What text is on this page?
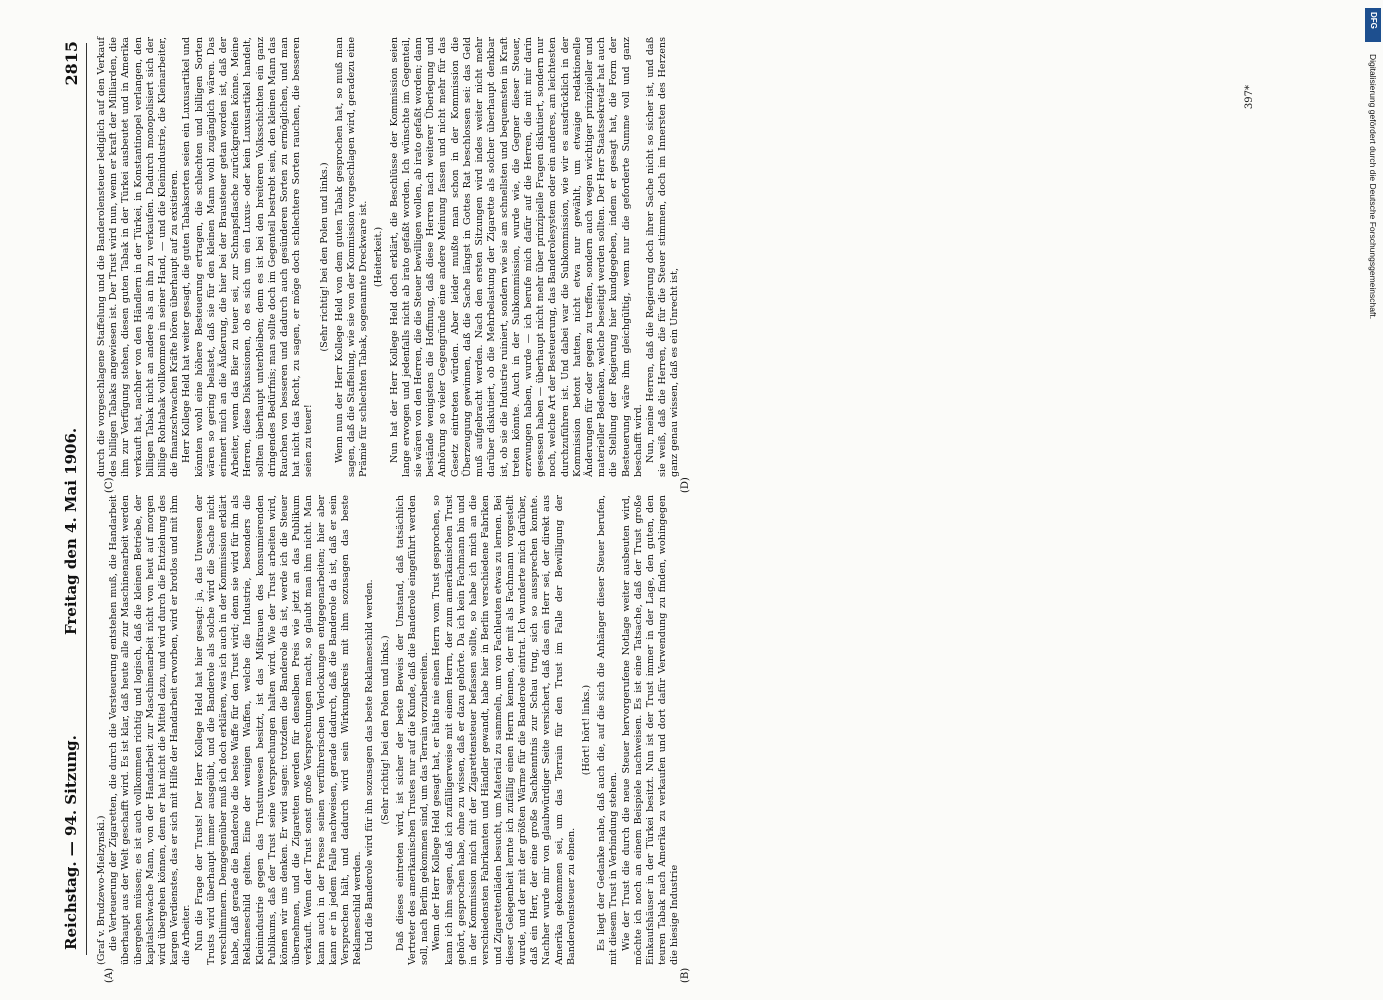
Reichstag. — 94. Sitzung.
Freitag den 4. Mai 1906.
2815
(A)	(B)
(C)	(D)

(Graf v. Brudzewo-Mielzynski.) die Verteuerung der Zigaretten, die durch die Versteuerung entstehen muß, die Handarbeit überhaupt aus der Welt geschafft wird. Es ist klar, daß heute alle zur Maschinenarbeit werden übergehen müssen; es ist auch vollkommen richtig und logisch, daß die kleinen Betriebe, der kapitalschwache Mann, von der Handarbeit zur Maschinenarbeit nicht von heut auf morgen wird übergehen können, denn er hat nicht die Mittel dazu, und wird durch die Entziehung des kargen Verdienstes, das er sich mit Hilfe der Handarbeit erworben, wird er brotlos und mit ihm die Arbeiter. Nun die Frage der Trusts! Der Herr Kollege Held hat hier gesagt: ja, das Unwesen der Trusts wird überhaupt immer ausgeübt, und die Banderole als solche wird die Sache nicht verschlimmern. Demgegenüber muß ich doch erklären, was ich auch in der Kommission erklärt habe, daß gerade die Banderole die beste Waffe für den Trust wird; denn sie wird für ihn als Reklameschild gelten. Eine der wenigen Waffen, welche die Industrie, besonders die Kleinindustrie gegen das Trustunwesen besitzt, ist das Mißtrauen des konsumierenden Publikums, daß der Trust seine Versprechungen halten wird. Wie der Trust arbeiten wird, können wir uns denken. Er wird sagen: trotzdem die Banderole da ist, werde ich die Steuer übernehmen, und die Zigaretten werden für denselben Preis wie jetzt an das Publikum verkauft. Wenn der Trust sonst große Versprechungen macht, so glaubt man ihm nicht. Man kann auch in der Presse seinen verführerischen Verlockungen entgegenarbeiten; hier aber kann er in jedem Falle nachweisen, gerade dadurch, daß die Banderole da ist, daß er sein Versprechen hält, und dadurch wird sein Wirkungskreis mit ihm sozusagen das beste Reklameschild werden. Und die Banderole wird für ihn sozusagen das beste Reklameschild werden. (Sehr richtig! bei den Polen und links.) Daß dieses eintreten wird, ist sicher der beste Beweis der Umstand, daß tatsächlich Vertreter des amerikanischen Trustes nur auf die Kunde, daß die Banderole eingeführt werden soll, nach Berlin gekommen sind, um das Terrain vorzubereiten. Wenn der Herr Kollege Held gesagt hat, er hätte nie einen Herrn vom Trust gesprochen, so kann ich ihm sagen, daß ich zufälligerweise mit einem Herrn, der zum amerikanischen Trust gehört, gesprochen habe, ohne zu wissen, daß er dazu gehörte. Da ich kein Fachmann bin und in der Kommission mich mit der Zigarettensteuer befassen sollte, so habe ich mich an die verschiedensten Fabrikanten und Händler gewandt, habe hier in Berlin verschiedene Fabriken und Zigarettenläden besucht, um Material zu sammeln, um von Fachleuten etwas zu lernen. Bei dieser Gelegenheit lernte ich zufällig einen Herrn kennen, der mit als Fachmann vorgestellt wurde, und der mit der größten Wärme für die Banderole eintrat. Ich wunderte mich darüber, daß ein Herr, der eine große Sachkenntnis zur Schau trug, sich so aussprechen konnte. Nachher wurde mir von glaubwürdiger Seite versichert, daß das ein Herr sei, der direkt aus Amerika gekommen sei, um das Terrain für den Trust im Falle der Bewilligung der Banderolensteuer zu ebnen.

(Hört! hört! links.) Es liegt der Gedanke nahe, daß auch die, auf die sich die Anhänger dieser Steuer berufen, mit diesem Trust in Verbindung stehen. Wie der Trust die durch die neue Steuer hervorgerufene Notlage weiter ausbeuten wird, möchte ich noch an einem Beispiele nachweisen. Es ist eine Tatsache, daß der Trust große Einkaufshäuser in der Türkei besitzt. Nun ist der Trust immer in der Lage, den guten, den teuren Tabak nach Amerika zu verkaufen und dort dafür Verwendung zu finden, wohingegen die hiesige Industrie

durch die vorgeschlagene Staffelung und die Banderolensteuer lediglich auf den Verkauf des billigen Tabaks angewiesen ist. Der Trust wird nun, wenn er kraft der Milliarden, die ihm zur Verfügung stehen, diesen guten Tabak in der Türkei ausbeutet und in Amerika verkauft hat, nachher von den Händlern in der Türkei, in Konstantinopel verlangen, den billigen Tabak nicht an andere als an ihn zu verkaufen. Dadurch monopolisiert sich der billige Rohtabak vollkommen in seiner Hand, — und die Kleinindustrie, die Kleinarbeiter, die finanzschwachen Kräfte hören überhaupt auf zu existieren. Herr Kollege Held hat weiter gesagt, die guten Tabaksorten seien ein Luxusartikel und könnten wohl eine höhere Besteuerung ertragen, die schlechten und billigen Sorten wären so gering belastet, daß sie für den kleinen Mann wohl zugänglich wären. Das erinnert mich an die Äußerung, die hier bei der Brausteuer getan worden ist, daß der Arbeiter, wenn das Bier zu teuer sei, zur Schnapsflasche zurückgreifen könne. Meine Herren, diese Diskussionen, ob es sich um ein Luxus- oder kein Luxusartikel handelt, sollten überhaupt unterbleiben; denn es ist bei den breiteren Volksschichten ein ganz dringendes Bedürfnis; man sollte doch im Gegenteil bestrebt sein, den kleinen Mann das Rauchen von besseren und dadurch auch gesünderen Sorten zu ermöglichen, und man hat nicht das Recht, zu sagen, er möge doch schlechtere Sorten rauchen, die besseren seien zu teuer!

(Sehr richtig! bei den Polen und links.) Wenn nun der Herr Kollege Held von dem guten Tabak gesprochen hat, so muß man sagen, daß die Staffelung, wie sie von der Kommission vorgeschlagen wird, geradezu eine Prämie für schlechten Tabak, sogenannte Dreckware ist. (Heiterkeit.) Nun hat der Herr Kollege Held doch erklärt, die Beschlüsse der Kommission seien lange erwogen und jedenfalls nicht ab irato gefaßt worden. Ich wünschte im Gegenteil, sie wären von den Herren, die die Steuer bewilligen wollen, ab irato gefaßt worden; dann bestände wenigstens die Hoffnung, daß diese Herren nach weiterer Überlegung und Anhörung so vieler Gegengründe eine andere Meinung fassen und nicht mehr für das Gesetz eintreten würden. Aber leider mußte man schon in der Kommission die Überzeugung gewinnen, daß die Sache längst in Gottes Rat beschlossen sei: das Geld muß aufgebracht werden. Nach den ersten Sitzungen wird indes weiter nicht mehr darüber diskutiert, ob die Mehrbelastung der Zigarette als solcher überhaupt denkbar ist, ob sie die Industrie ruiniert, sondern wie sie am schnellsten und bequemsten in Kraft treten könnte. Auch in der Subkommission, wurde wie, die Gegner dieser Steuer, erzwungen haben, wurde — ich berufe mich dafür auf die Herren, die mit mir darin gesessen haben — überhaupt nicht mehr über prinzipielle Fragen diskutiert, sondern nur noch, welche Art der Besteuerung, das Banderolesystem oder ein anderes, am leichtesten durchzuführen ist. Und dabei war die Subkommission, wie wir es ausdrücklich in der Kommission betont hatten, nicht etwa nur gewählt, um etwaige redaktionelle Änderungen für oder gegen zu treffen, sondern auch wegen wichtiger prinzipieller und materieller Bedenken, welche beseitigt werden sollten. Der Herr Staatssekretär hat auch die Stellung der Regierung hier kundgegeben, indem er gesagt hat, die Form der Besteuerung wäre ihm gleichgültig, wenn nur die geforderte Summe voll und ganz beschafft wird. Nun, meine Herren, daß die Regierung doch ihrer Sache nicht so sicher ist, und daß sie weiß, daß die Herren, die für die Steuer stimmen, doch im Innersten des Herzens ganz genau wissen, daß es ein Unrecht ist,

397*
DFG
Digitalisierung gefördert durch die Deutsche Forschungsgemeinschaft.
